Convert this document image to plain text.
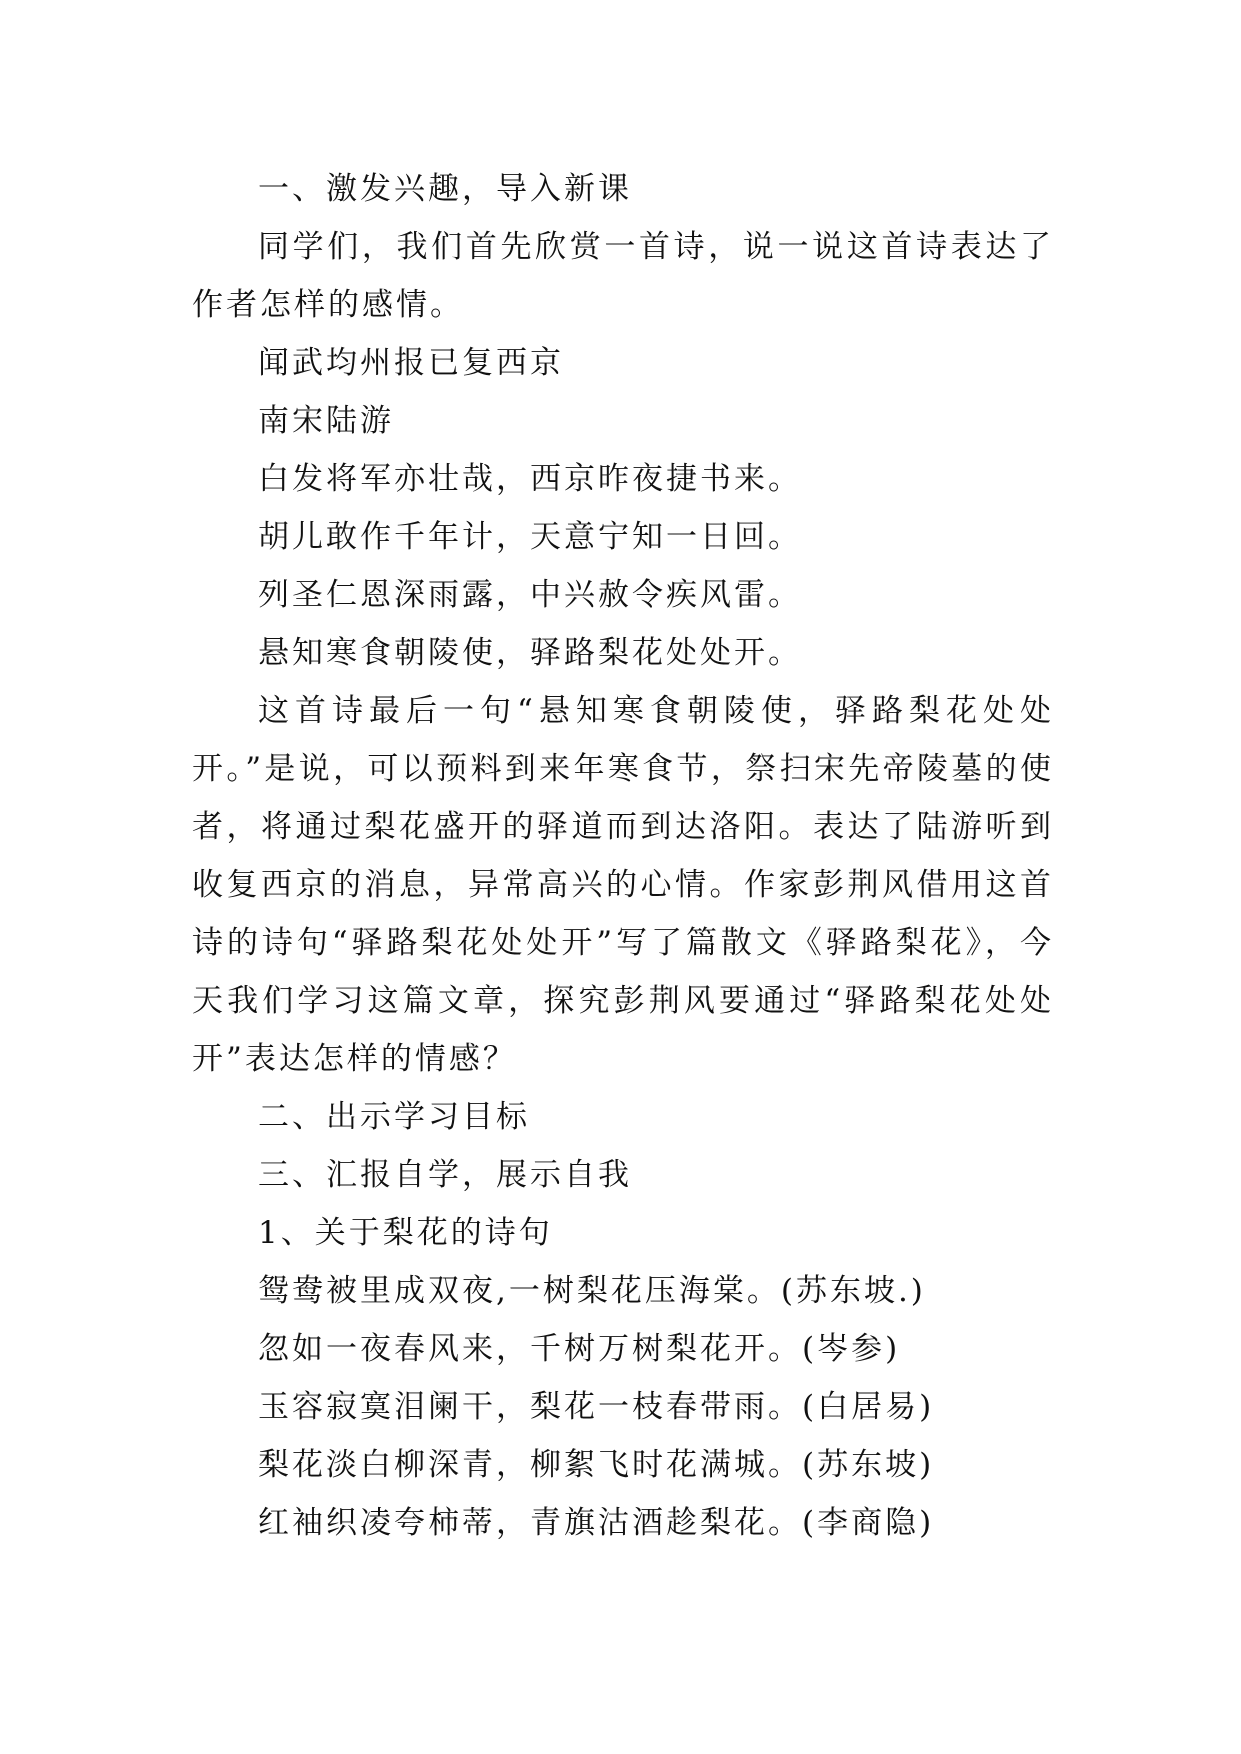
一、激发兴趣，导入新课

同学们，我们首先欣赏一首诗，说一说这首诗表达了作者怎样的感情。

闻武均州报已复西京

南宋陆游

白发将军亦壮哉，西京昨夜捷书来。

胡儿敢作千年计，天意宁知一日回。

列圣仁恩深雨露，中兴赦令疾风雷。

悬知寒食朝陵使，驿路梨花处处开。

这首诗最后一句“悬知寒食朝陵使，驿路梨花处处开。”是说，可以预料到来年寒食节，祭扫宋先帝陵墓的使者，将通过梨花盛开的驿道而到达洛阳。表达了陆游听到收复西京的消息，异常高兴的心情。作家彭荆风借用这首诗的诗句“驿路梨花处处开”写了篇散文《驿路梨花》，今天我们学习这篇文章，探究彭荆风要通过“驿路梨花处处开”表达怎样的情感？

二、出示学习目标

三、汇报自学，展示自我

1、关于梨花的诗句

鸳鸯被里成双夜,一树梨花压海棠。(苏东坡.)

忽如一夜春风来，千树万树梨花开。(岑参)

玉容寂寞泪阑干，梨花一枝春带雨。(白居易)

梨花淡白柳深青，柳絮飞时花满城。(苏东坡)

红袖织凌夸柿蒂，青旗沽酒趁梨花。(李商隐)
